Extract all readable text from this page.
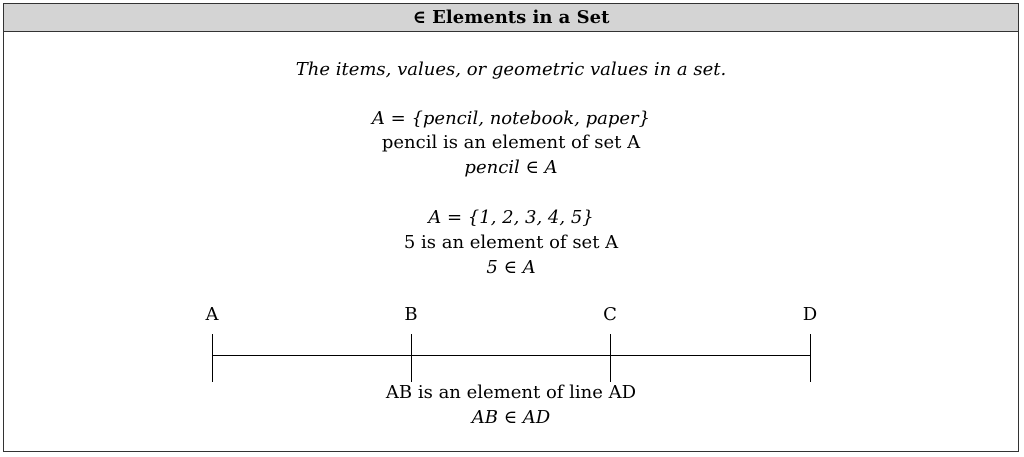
∈ Elements in a Set
The items, values, or geometric values in a set.
A = {pencil, notebook, paper}
pencil is an element of set A
pencil ∈ A
A = {1, 2, 3, 4, 5}
5 is an element of set A
5 ∈ A
A	B	C	D
AB is an element of line AD
AB ∈ AD
